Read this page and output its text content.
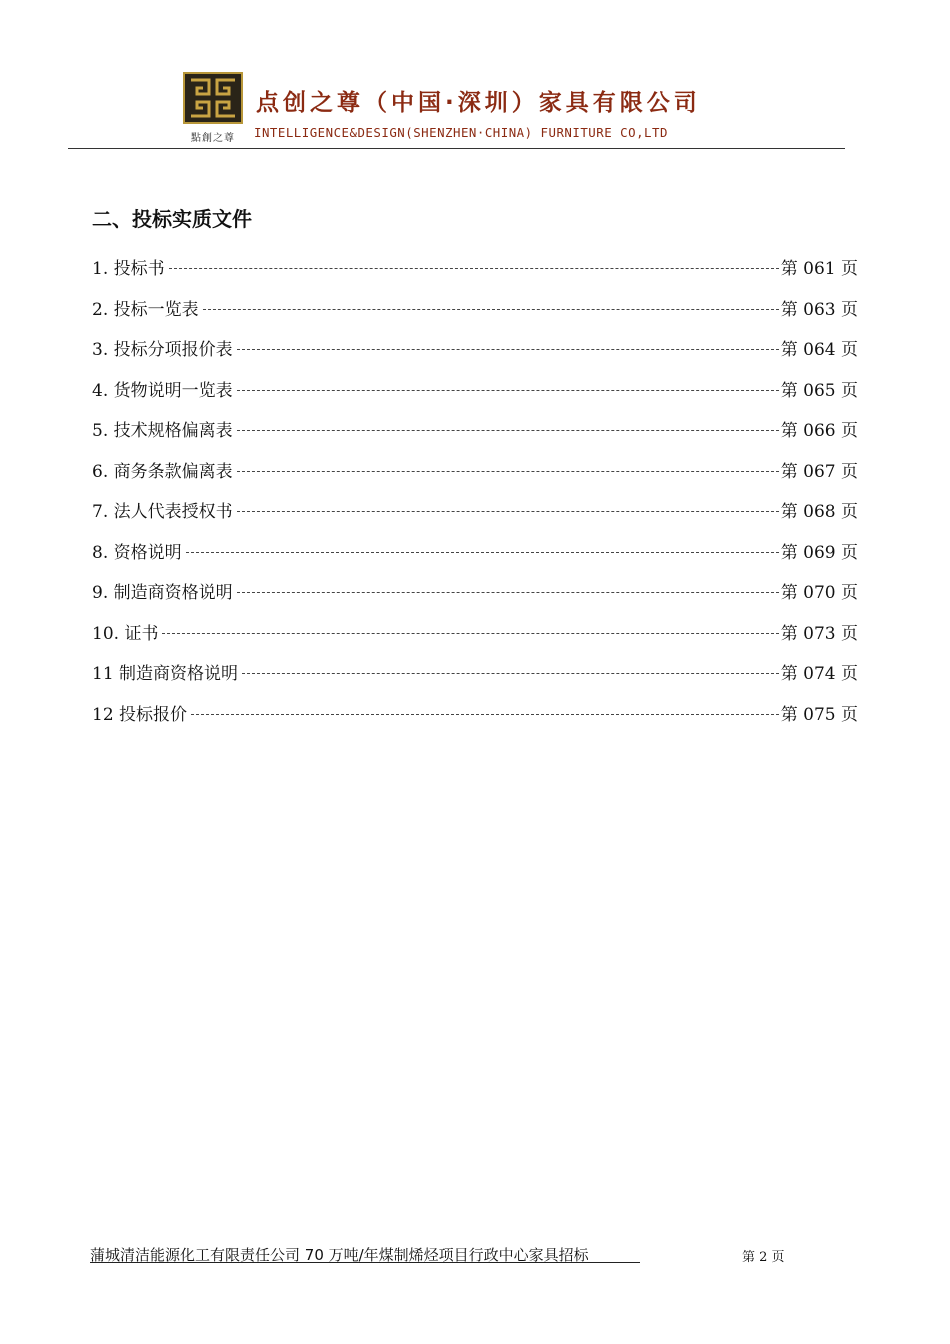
點創之尊
点创之尊（中国·深圳）家具有限公司
INTELLIGENCE&DESIGN(SHENZHEN·CHINA) FURNITURE CO,LTD
二、投标实质文件
1. 投标书	第 061 页
2. 投标一览表	第 063 页
3. 投标分项报价表	第 064 页
4. 货物说明一览表	第 065 页
5. 技术规格偏离表	第 066 页
6. 商务条款偏离表	第 067 页
7. 法人代表授权书	第 068 页
8. 资格说明	第 069 页
9. 制造商资格说明	第 070 页
10. 证书	第 073 页
11 制造商资格说明	第 074 页
12 投标报价	第 075 页
蒲城清洁能源化工有限责任公司 70 万吨/年煤制烯烃项目行政中心家具招标	第 2 页
